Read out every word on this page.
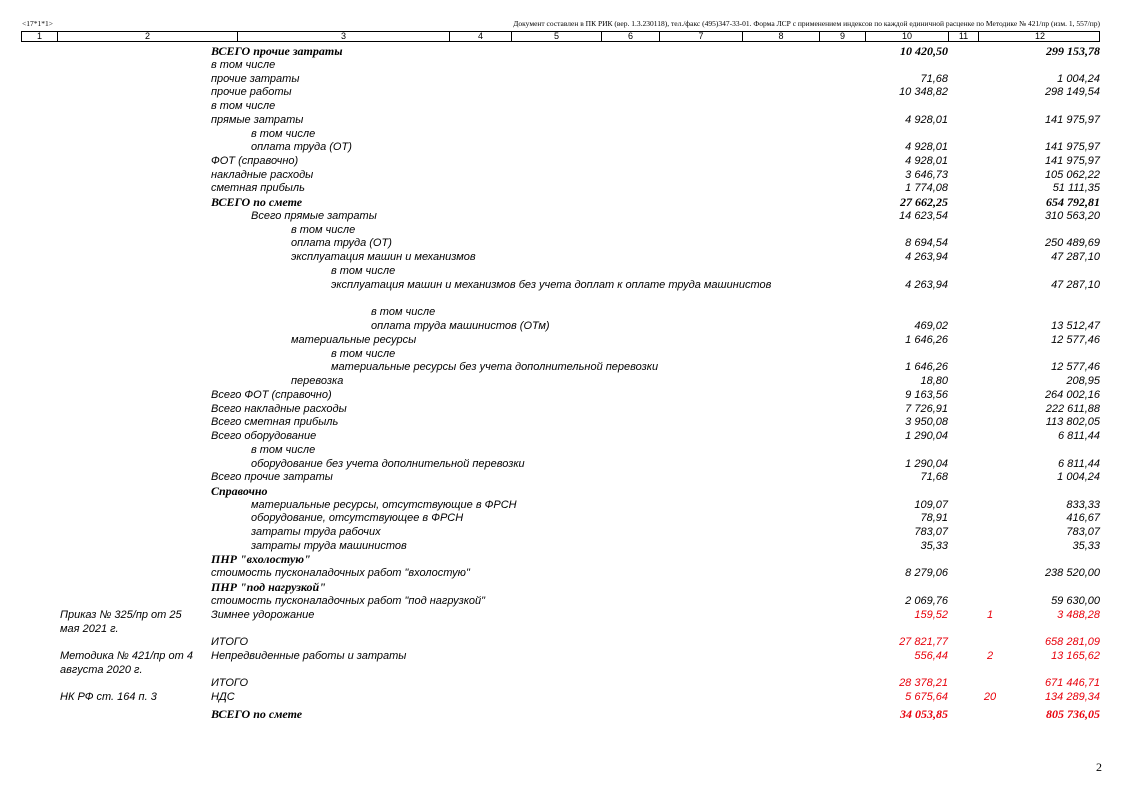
<17*1*1>	Документ составлен в ПК РИК (вер. 1.3.230118), тел./факс (495)347-33-01. Форма ЛСР с применением индексов по каждой единичной расценке по Методике № 421/пр (изм. 1, 557/пр)
1	2	3	4	5	6	7	8	9	10	11	12
ВСЕГО прочие затраты	10 420,50	299 153,78
в том числе
прочие затраты	71,68	1 004,24
прочие работы	10 348,82	298 149,54
в том числе
прямые затраты	4 928,01	141 975,97
в том числе
оплата труда (ОТ)	4 928,01	141 975,97
ФОТ (справочно)	4 928,01	141 975,97
накладные расходы	3 646,73	105 062,22
сметная прибыль	1 774,08	51 111,35
ВСЕГО по смете	27 662,25	654 792,81
Всего прямые затраты	14 623,54	310 563,20
в том числе
оплата труда (ОТ)	8 694,54	250 489,69
эксплуатация машин и механизмов	4 263,94	47 287,10
в том числе
эксплуатация машин и механизмов без учета доплат к оплате труда машинистов	4 263,94	47 287,10
в том числе
оплата труда машинистов (ОТм)	469,02	13 512,47
материальные ресурсы	1 646,26	12 577,46
в том числе
материальные ресурсы без учета дополнительной перевозки	1 646,26	12 577,46
перевозка	18,80	208,95
Всего ФОТ (справочно)	9 163,56	264 002,16
Всего накладные расходы	7 726,91	222 611,88
Всего сметная прибыль	3 950,08	113 802,05
Всего оборудование	1 290,04	6 811,44
в том числе
оборудование без учета дополнительной перевозки	1 290,04	6 811,44
Всего прочие затраты	71,68	1 004,24
Справочно
материальные ресурсы, отсутствующие в ФРСН	109,07	833,33
оборудование, отсутствующее в ФРСН	78,91	416,67
затраты труда рабочих	783,07	783,07
затраты труда машинистов	35,33	35,33
ПНР "вхолостую"
стоимость пусконаладочных работ "вхолостую"	8 279,06	238 520,00
ПНР "под нагрузкой"
стоимость пусконаладочных работ "под нагрузкой"	2 069,76	59 630,00
Приказ № 325/пр от 25 мая 2021 г.
Зимнее удорожание	159,52	1	3 488,28
ИТОГО	27 821,77	658 281,09
Методика № 421/пр от 4 августа 2020 г.
Непредвиденные работы и затраты	556,44	2	13 165,62
ИТОГО	28 378,21	671 446,71
НК РФ ст. 164 п. 3	НДС	5 675,64	20	134 289,34
ВСЕГО по смете	34 053,85	805 736,05
2
